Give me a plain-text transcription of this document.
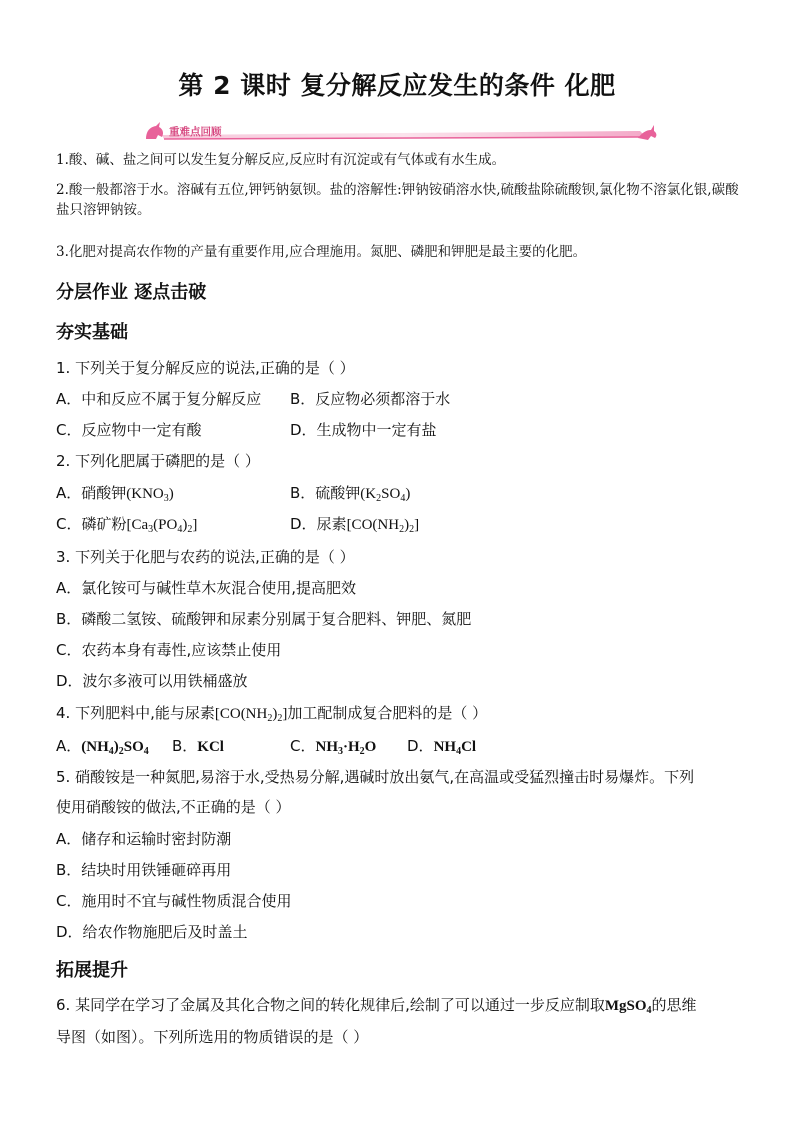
第 2 课时 复分解反应发生的条件 化肥
重难点回顾
1.酸、碱、盐之间可以发生复分解反应,反应时有沉淀或有气体或有水生成。
2.酸一般都溶于水。溶碱有五位,钾钙钠氨钡。盐的溶解性:钾钠铵硝溶水快,硫酸盐除硫酸钡,氯化物不溶氯化银,碳酸盐只溶钾钠铵。
3.化肥对提高农作物的产量有重要作用,应合理施用。氮肥、磷肥和钾肥是最主要的化肥。
分层作业 逐点击破
夯实基础
1. 下列关于复分解反应的说法,正确的是（ ）
A．中和反应不属于复分解反应 B．反应物必须都溶于水
C．反应物中一定有酸	D．生成物中一定有盐
2. 下列化肥属于磷肥的是（ ）
A．硝酸钾$(KNO_3)$	B．硫酸钾$(K_2SO_4)$
C．磷矿粉$[Ca_3(PO_4)_2]$	D．尿素$[CO(NH_2)_2]$
3. 下列关于化肥与农药的说法,正确的是（ ）
A．氯化铵可与碱性草木灰混合使用,提高肥效
B．磷酸二氢铵、硫酸钾和尿素分别属于复合肥料、钾肥、氮肥
C．农药本身有毒性,应该禁止使用
D．波尔多液可以用铁桶盛放
4. 下列肥料中,能与尿素$[CO(NH_2)_2]$加工配制成复合肥料的是（ ）
A．$(NH_4)_2SO_4$ B．KCl	C．$NH_3\cdot H_2O$ D．$NH_4Cl$
5. 硝酸铵是一种氮肥,易溶于水,受热易分解,遇碱时放出氨气,在高温或受猛烈撞击时易爆炸。下列
使用硝酸铵的做法,不正确的是（ ）
A．储存和运输时密封防潮
B．结块时用铁锤砸碎再用
C．施用时不宜与碱性物质混合使用
D．给农作物施肥后及时盖土
拓展提升
6. 某同学在学习了金属及其化合物之间的转化规律后,绘制了可以通过一步反应制取MgSO$_4$的思维
导图（如图）。下列所选用的物质错误的是（ ）
